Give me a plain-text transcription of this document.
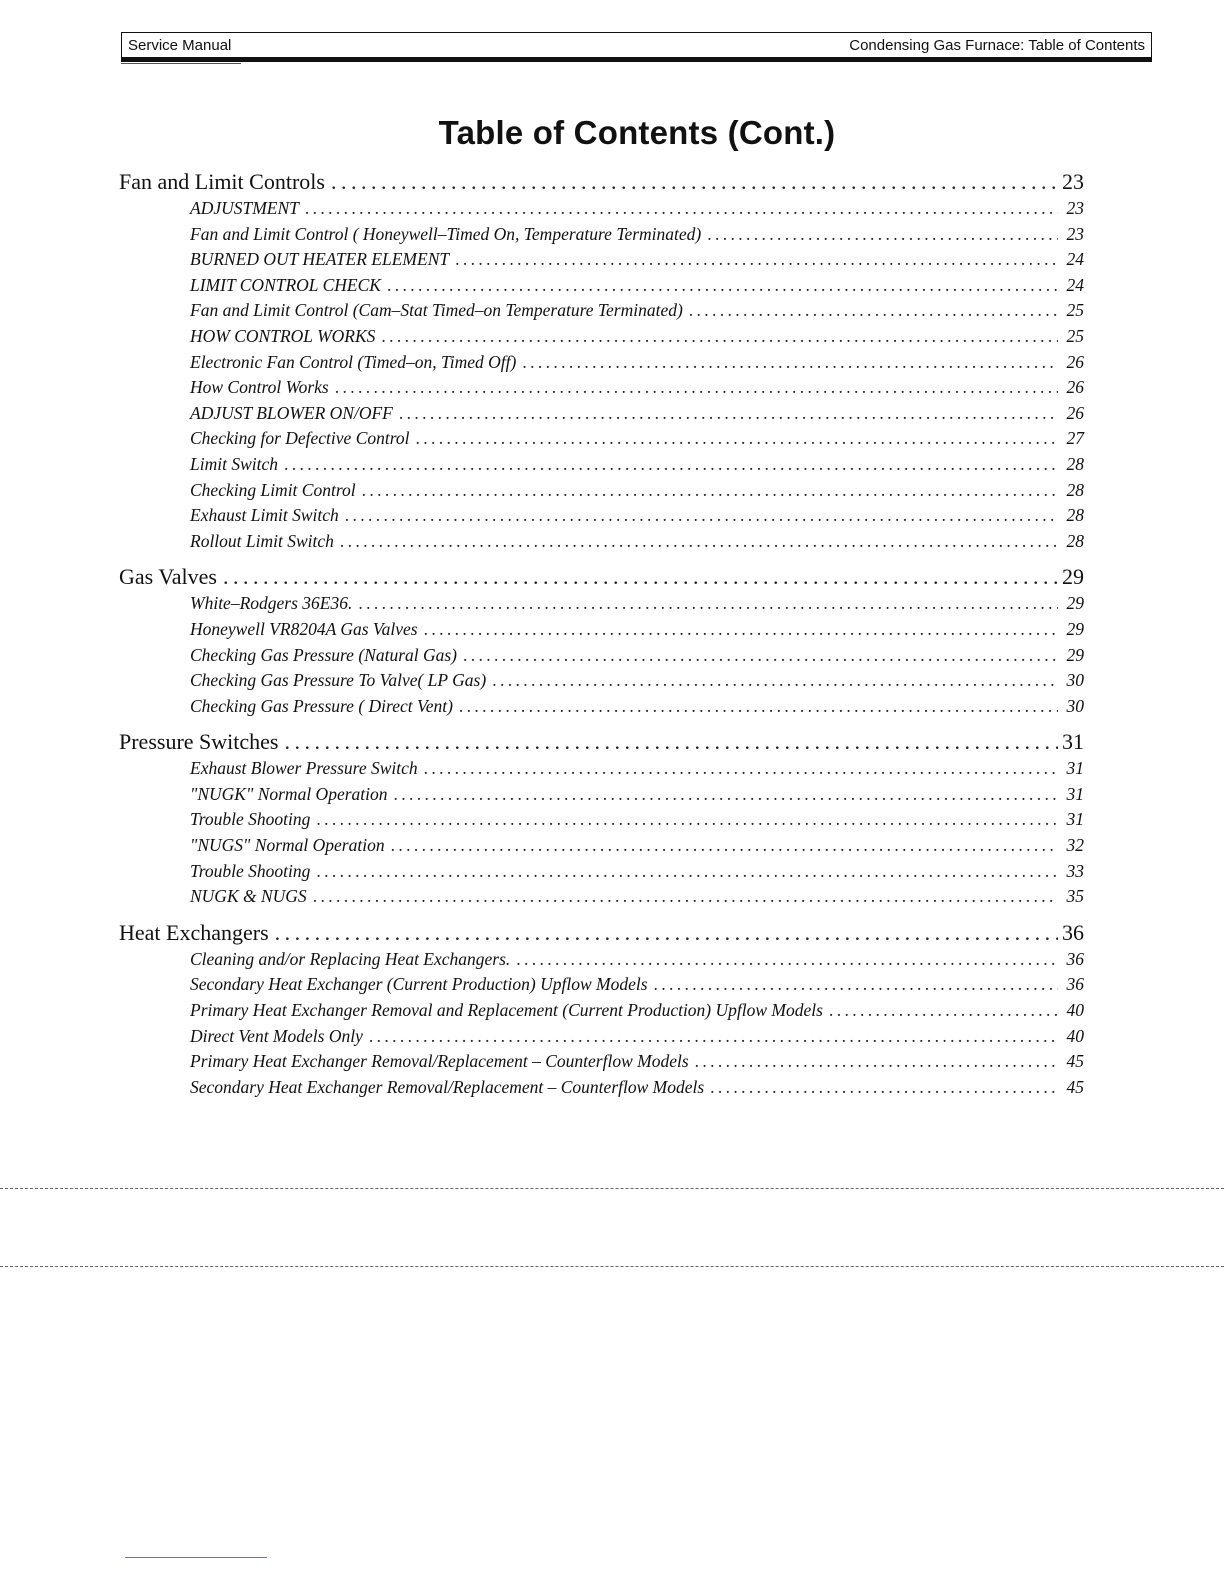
Service Manual	Condensing Gas Furnace: Table of Contents
Table of Contents (Cont.)
Fan and Limit Controls . . .	23
ADJUSTMENT . . .	23
Fan and Limit Control ( Honeywell–Timed On, Temperature Terminated) . . .	23
BURNED OUT HEATER ELEMENT . . .	24
LIMIT CONTROL CHECK . . .	24
Fan and Limit Control (Cam–Stat Timed–on Temperature Terminated) . . .	25
HOW CONTROL WORKS . . .	25
Electronic Fan Control (Timed–on, Timed Off) . . .	26
How Control Works . . .	26
ADJUST BLOWER ON/OFF . . .	26
Checking for Defective Control . . .	27
Limit Switch . . .	28
Checking Limit Control . . .	28
Exhaust Limit Switch . . .	28
Rollout Limit Switch . . .	28
Gas Valves . . .	29
White–Rodgers 36E36. . . .	29
Honeywell VR8204A Gas Valves . . .	29
Checking Gas Pressure (Natural Gas) . . .	29
Checking Gas Pressure To Valve( LP Gas) . . .	30
Checking Gas Pressure ( Direct Vent) . . .	30
Pressure Switches . . .	31
Exhaust Blower Pressure Switch . . .	31
"NUGK" Normal Operation . . .	31
Trouble Shooting . . .	31
"NUGS" Normal Operation . . .	32
Trouble Shooting . . .	33
NUGK & NUGS . . .	35
Heat Exchangers . . .	36
Cleaning and/or Replacing Heat Exchangers. . . .	36
Secondary Heat Exchanger (Current Production) Upflow Models . . .	36
Primary Heat Exchanger Removal and Replacement (Current Production) Upflow Models . . .	40
Direct Vent Models Only . . .	40
Primary Heat Exchanger Removal/Replacement – Counterflow Models . . .	45
Secondary Heat Exchanger Removal/Replacement – Counterflow Models . . .	45
